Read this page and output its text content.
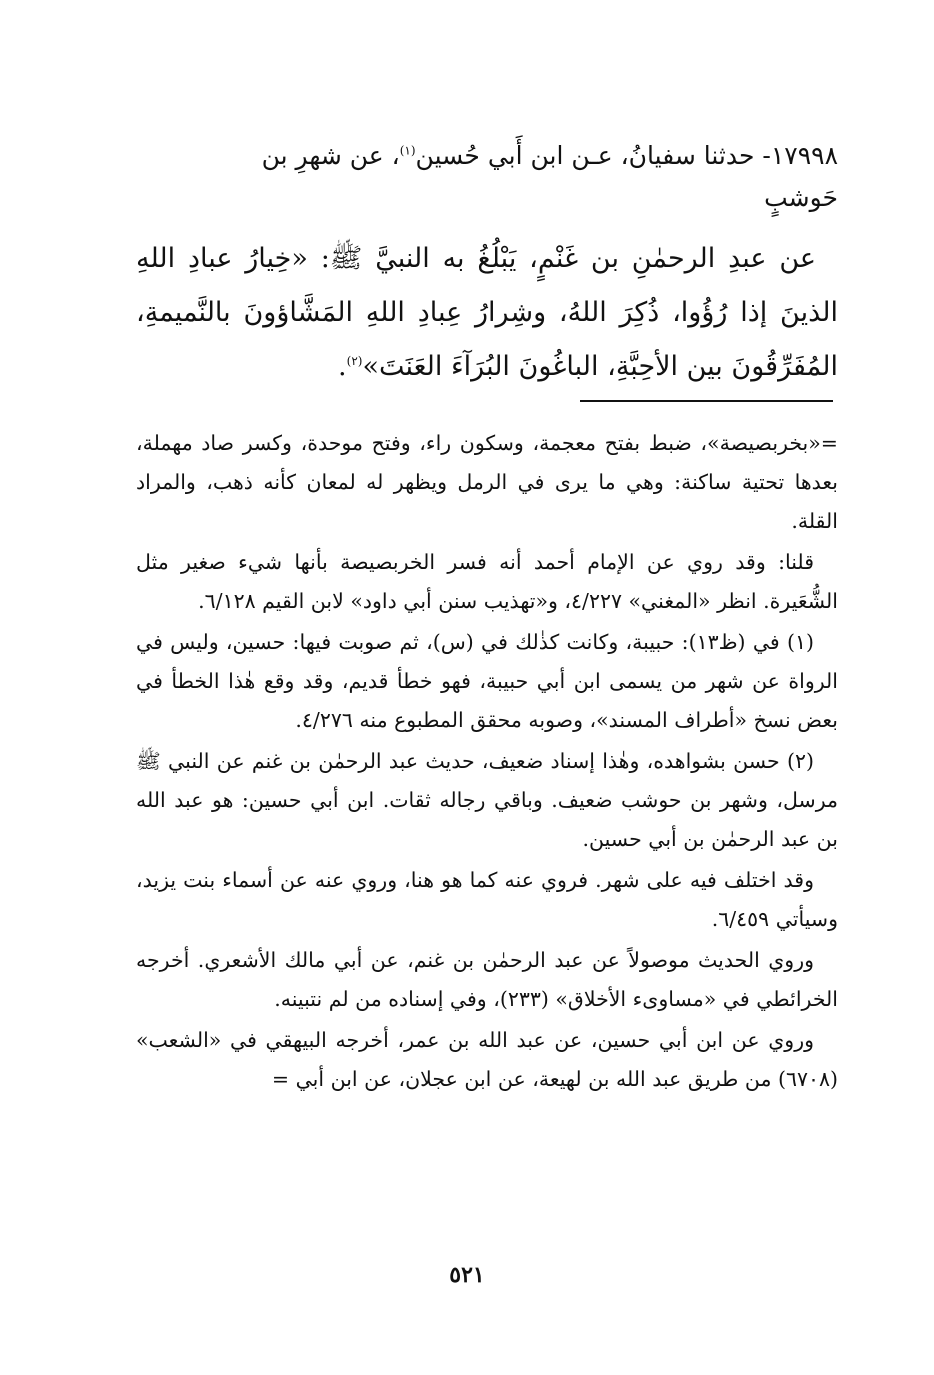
١٧٩٩٨- حدثنا سفيانُ، عـن ابن أَبي حُسين$^{(١)}$، عن شهرِ بن

حَوشبٍ

عن عبدِ الرحمٰنِ بن غَنْمٍ، يَبْلُغُ به النبيَّ ﷺ: «خِيارُ عبادِ اللهِ الذينَ إذا رُؤُوا، ذُكِرَ اللهُ، وشِرارُ عِبادِ اللهِ المَشَّاؤونَ بالنَّميمةِ، المُفَرِّقُونَ بين الأحِبَّةِ، الباغُونَ البُرَآءَ العَنَتَ»$^{(٢)}$.

=«بخربصيصة»، ضبط بفتح معجمة، وسكون راء، وفتح موحدة، وكسر صاد مهملة، بعدها تحتية ساكنة: وهي ما يرى في الرمل ويظهر له لمعان كأنه ذهب، والمراد القلة.

قلنا: وقد روي عن الإمام أحمد أنه فسر الخربصيصة بأنها شيء صغير مثل الشُّعَيرة. انظر «المغني» ٤/٢٢٧، و«تهذيب سنن أبي داود» لابن القيم ٦/١٢٨.

(١) في (ظ١٣): حبيبة، وكانت كذٰلك في (س)، ثم صوبت فيها: حسين، وليس في الرواة عن شهر من يسمى ابن أبي حبيبة، فهو خطأ قديم، وقد وقع هٰذا الخطأ في بعض نسخ «أطراف المسند»، وصوبه محقق المطبوع منه ٤/٢٧٦.

(٢) حسن بشواهده، وهٰذا إسناد ضعيف، حديث عبد الرحمٰن بن غنم عن النبي ﷺ مرسل، وشهر بن حوشب ضعيف. وباقي رجاله ثقات. ابن أبي حسين: هو عبد الله بن عبد الرحمٰن بن أبي حسين.

وقد اختلف فيه على شهر. فروي عنه كما هو هنا، وروي عنه عن أسماء بنت يزيد، وسيأتي ٦/٤٥٩.

وروي الحديث موصولاً عن عبد الرحمٰن بن غنم، عن أبي مالك الأشعري. أخرجه الخرائطي في «مساوىء الأخلاق» (٢٣٣)، وفي إسناده من لم نتبينه.

وروي عن ابن أبي حسين، عن عبد الله بن عمر، أخرجه البيهقي في «الشعب» (٦٧٠٨) من طريق عبد الله بن لهيعة، عن ابن عجلان، عن ابن أبي =

٥٢١
